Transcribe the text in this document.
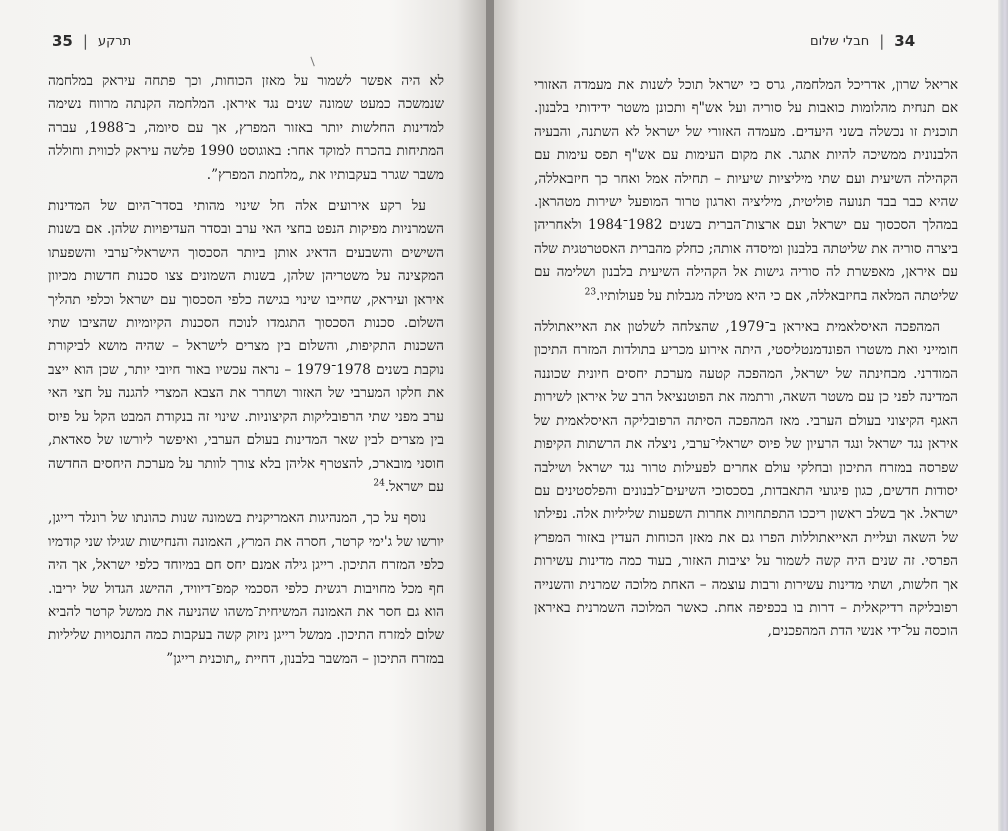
35 | תרקע

לא היה אפשר לשמור על מאזן הכוחות, וכך פתחה עיראק במלחמה שנמשכה כמעט שמונה שנים נגד איראן. המלחמה הקנתה מרווח נשימה למדינות החלשות יותר באזור המפרץ, אך עם סיומה, ב־1988, עברה המתיחות בהכרח למוקד אחר: באוגוסט 1990 פלשה עיראק לכווית וחוללה משבר שגרר בעקבותיו את „מלחמת המפרץ”.

על רקע אירועים אלה חל שינוי מהותי בסדר־היום של המדינות השמרניות מפיקות הנפט בחצי האי ערב ובסדר העדיפויות שלהן. אם בשנות השישים והשבעים הדאיג אותן ביותר הסכסוך הישראלי־ערבי והשפעתו המקצינה על משטריהן שלהן, בשנות השמונים צצו סכנות חדשות מכיוון איראן ועיראק, שחייבו שינוי בגישה כלפי הסכסוך עם ישראל וכלפי תהליך השלום. סכנות הסכסוך התגמדו לנוכח הסכנות הקיומיות שהציבו שתי השכנות התקיפות, והשלום בין מצרים לישראל – שהיה מושא לביקורת נוקבת בשנים 1978־1979 – נראה עכשיו באור חיובי יותר, שכן הוא ייצב את חלקו המערבי של האזור ושחרר את הצבא המצרי להגנה על חצי האי ערב מפני שתי הרפובליקות הקיצוניות. שינוי זה בנקודת המבט הקל על פיוס בין מצרים לבין שאר המדינות בעולם הערבי, ואיפשר ליורשו של סאדאת, חוסני מובארכ, להצטרף אליהן בלא צורך לוותר על מערכת היחסים החדשה עם ישראל.$^{24}$

נוסף על כך, המנהיגות האמריקנית בשמונה שנות כהונתו של רונלד רייגן, יורשו של ג'ימי קרטר, חסרה את המרץ, האמונה והנחישות שגילו שני קודמיו כלפי המזרח התיכון. רייגן גילה אמנם יחס חם במיוחד כלפי ישראל, אך היה חף מכל מחויבות רגשית כלפי הסכמי קמפ־דיוויד, ההישג הגדול של יריבו. הוא גם חסר את האמונה המשיחית־משהו שהניעה את ממשל קרטר להביא שלום למזרח התיכון. ממשל רייגן ניזוק קשה בעקבות כמה התנסויות שליליות במזרח התיכון – המשבר בלבנון, דחיית „תוכנית רייגן”

חבלי שלום | 34

אריאל שרון, אדריכל המלחמה, גרס כי ישראל תוכל לשנות את מעמדה האזורי אם תנחית מהלומות כואבות על סוריה ועל אש"ף ותכונן משטר ידידותי בלבנון. תוכנית זו נכשלה בשני היעדים. מעמדה האזורי של ישראל לא השתנה, והבעיה הלבנונית ממשיכה להיות אתגר. את מקום העימות עם אש"ף תפס עימות עם הקהילה השיעית ועם שתי מיליציות שיעיות – תחילה אמל ואחר כך חיזבאללה, שהיא כבר בבד תנועה פוליטית, מיליציה וארגון טרור המופעל ישירות מטהראן. במהלך הסכסוך עם ישראל ועם ארצות־הברית בשנים 1982־1984 ולאחריהן ביצרה סוריה את שליטתה בלבנון ומיסדה אותה; כחלק מהברית האסטרטגית שלה עם איראן, מאפשרת לה סוריה גישות אל הקהילה השיעית בלבנון ושלימה עם שליטתה המלאה בחיזבאללה, אם כי היא מטילה מגבלות על פעולותיו.$^{23}$

המהפכה האיסלאמית באיראן ב־1979, שהצלחה לשלטון את האייאתוללה חומייני ואת משטרו הפונדמנטליסטי, היתה אירוע מכריע בתולדות המזרח התיכון המודרני. מבחינתה של ישראל, המהפכה קטעה מערכת יחסים חיונית שכוננה המדינה לפני כן עם משטר השאה, ורתמה את הפוטנציאל הרב של איראן לשירות האגף הקיצוני בעולם הערבי. מאז המהפכה הסיתה הרפובליקה האיסלאמית של איראן נגד ישראל ונגד הרעיון של פיוס ישראלי־ערבי, ניצלה את הרשתות הקיפות שפרסה במזרח התיכון ובחלקי עולם אחרים לפעילות טרור נגד ישראל ושילבה יסודות חדשים, כגון פיגועי התאבדות, בסכסוכי השיעים־לבנונים והפלסטינים עם ישראל. אך בשלב ראשון ריככו התפתחויות אחרות השפעות שליליות אלה. נפילתו של השאה ועליית האייאתוללות הפרו גם את מאזן הכוחות העדין באזור המפרץ הפרסי. זה שנים היה קשה לשמור על יציבות האזור, בעוד כמה מדינות עשירות אך חלשות, ושתי מדינות עשירות ורבות עוצמה – האחת מלוכה שמרנית והשנייה רפובליקה רדיקאלית – דרות בו בכפיפה אחת. כאשר המלוכה השמרנית באיראן הוכסה על־ידי אנשי הדת המהפכנים,
